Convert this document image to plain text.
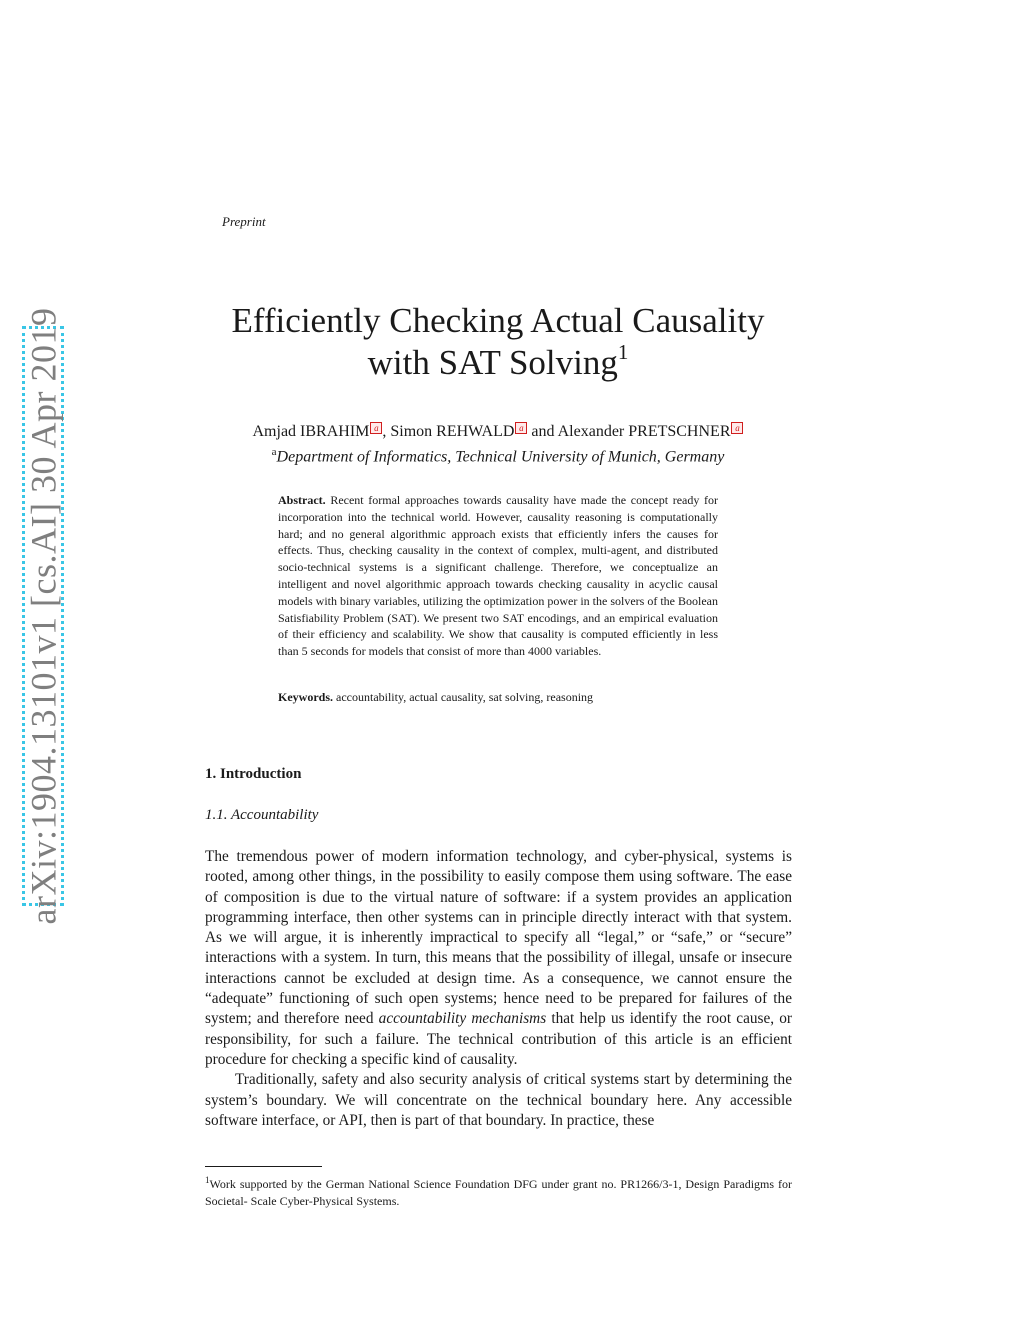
arXiv:1904.13101v1 [cs.AI] 30 Apr 2019
Preprint
Efficiently Checking Actual Causality
with SAT Solving$^1$
Amjad IBRAHIM a , Simon REHWALD a and Alexander PRETSCHNER a
$^a$Department of Informatics, Technical University of Munich, Germany

Abstract. Recent formal approaches towards causality have made the concept ready for incorporation into the technical world. However, causality reasoning is computationally hard; and no general algorithmic approach exists that efficiently infers the causes for effects. Thus, checking causality in the context of complex, multi-agent, and distributed socio-technical systems is a significant challenge. Therefore, we conceptualize an intelligent and novel algorithmic approach towards checking causality in acyclic causal models with binary variables, utilizing the optimization power in the solvers of the Boolean Satisfiability Problem (SAT). We present two SAT encodings, and an empirical evaluation of their efficiency and scalability. We show that causality is computed efficiently in less than 5 seconds for models that consist of more than 4000 variables.

Keywords. accountability, actual causality, sat solving, reasoning
1. Introduction
1.1. Accountability

The tremendous power of modern information technology, and cyber-physical, systems is rooted, among other things, in the possibility to easily compose them using software. The ease of composition is due to the virtual nature of software: if a system provides an application programming interface, then other systems can in principle directly interact with that system. As we will argue, it is inherently impractical to specify all “legal,” or “safe,” or “secure” interactions with a system. In turn, this means that the possibility of illegal, unsafe or insecure interactions cannot be excluded at design time. As a consequence, we cannot ensure the “adequate” functioning of such open systems; hence need to be prepared for failures of the system; and therefore need accountability mechanisms that help us identify the root cause, or responsibility, for such a failure. The technical contribution of this article is an efficient procedure for checking a specific kind of causality.

Traditionally, safety and also security analysis of critical systems start by determining the system’s boundary. We will concentrate on the technical boundary here. Any accessible software interface, or API, then is part of that boundary. In practice, these

$^1$Work supported by the German National Science Foundation DFG under grant no. PR1266/3-1, Design Paradigms for Societal- Scale Cyber-Physical Systems.
